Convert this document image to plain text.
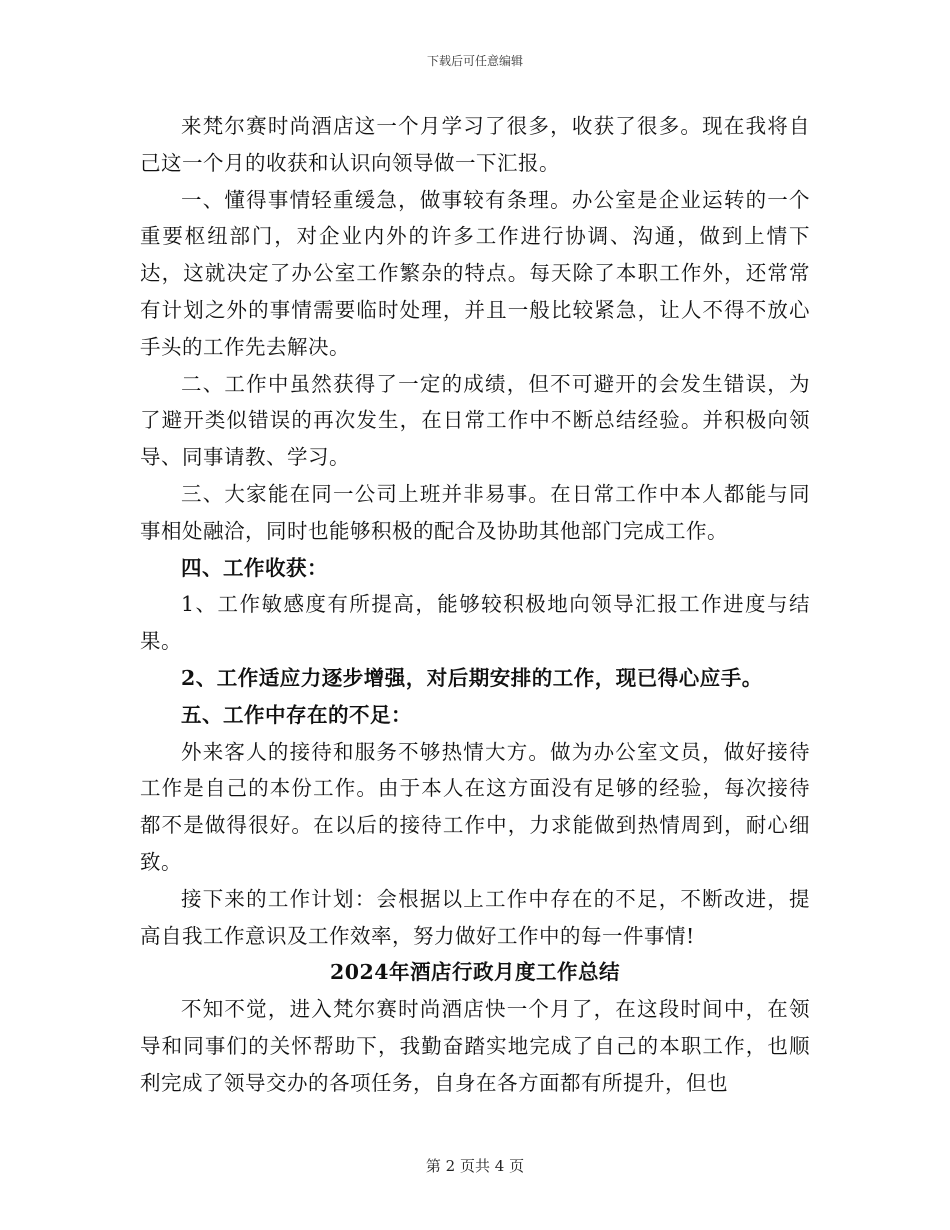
下载后可任意编辑

来梵尔赛时尚酒店这一个月学习了很多，收获了很多。现在我将自己这一个月的收获和认识向领导做一下汇报。

一、懂得事情轻重缓急，做事较有条理。办公室是企业运转的一个重要枢纽部门，对企业内外的许多工作进行协调、沟通，做到上情下达，这就决定了办公室工作繁杂的特点。每天除了本职工作外，还常常有计划之外的事情需要临时处理，并且一般比较紧急，让人不得不放心手头的工作先去解决。

二、工作中虽然获得了一定的成绩，但不可避开的会发生错误，为了避开类似错误的再次发生，在日常工作中不断总结经验。并积极向领导、同事请教、学习。

三、大家能在同一公司上班并非易事。在日常工作中本人都能与同事相处融洽，同时也能够积极的配合及协助其他部门完成工作。

四、工作收获：

1、工作敏感度有所提高，能够较积极地向领导汇报工作进度与结果。

2、工作适应力逐步增强，对后期安排的工作，现已得心应手。

五、工作中存在的不足：

外来客人的接待和服务不够热情大方。做为办公室文员，做好接待工作是自己的本份工作。由于本人在这方面没有足够的经验，每次接待都不是做得很好。在以后的接待工作中，力求能做到热情周到，耐心细致。

接下来的工作计划：会根据以上工作中存在的不足，不断改进，提高自我工作意识及工作效率，努力做好工作中的每一件事情!

2024年酒店行政月度工作总结

不知不觉，进入梵尔赛时尚酒店快一个月了，在这段时间中，在领导和同事们的关怀帮助下，我勤奋踏实地完成了自己的本职工作，也顺利完成了领导交办的各项任务，自身在各方面都有所提升，但也

第 2 页共 4 页
